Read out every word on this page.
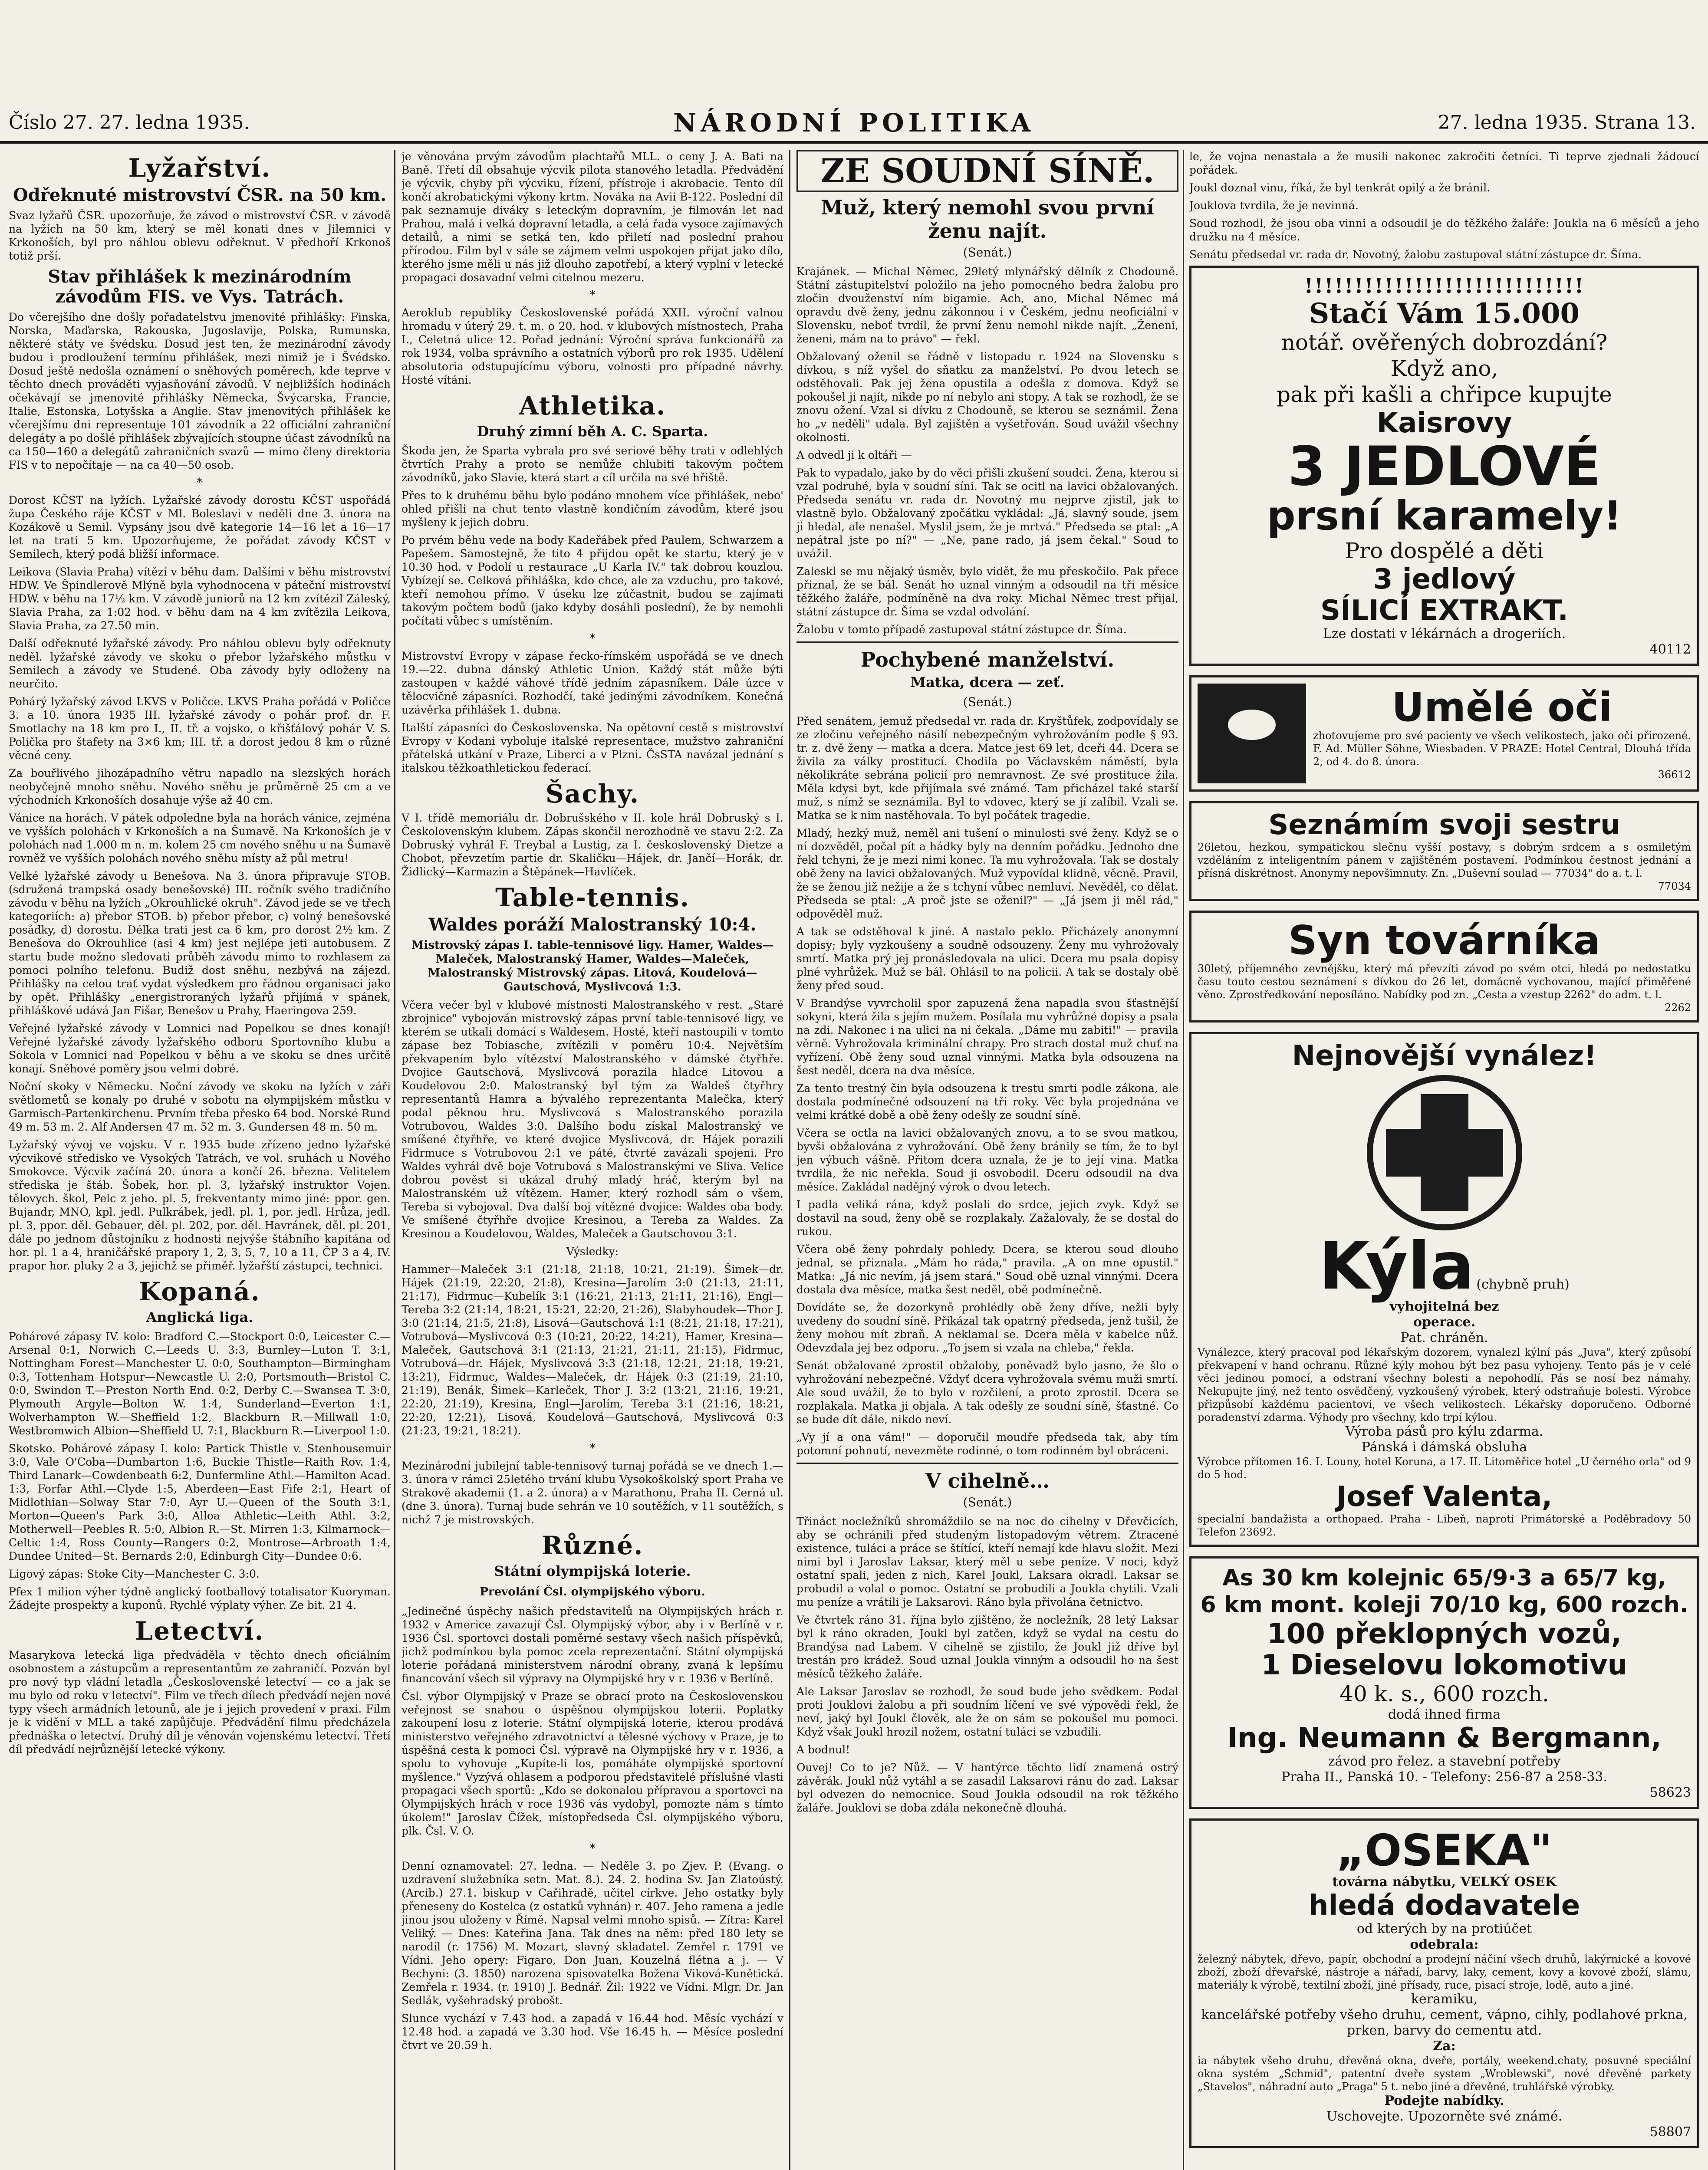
Číslo 27. 27. ledna 1935.	NÁRODNÍ POLITIKA	27. ledna 1935. Strana 13.
Lyžařství.
Odřeknuté mistrovství ČSR. na 50 km.

Svaz lyžařů ČSR. upozorňuje, že závod o mistrovství ČSR. v závodě na lyžích na 50 km, který se měl konati dnes v Jilemnici v Krkonoších, byl pro náhlou oblevu odřeknut. V předhoří Krkonoš totiž prší.

Stav přihlášek k mezinárodním závodům FIS. ve Vys. Tatrách.

Do včerejšího dne došly pořadatelstvu jmenovité přihlášky: Finska, Norska, Maďarska, Rakouska, Jugoslavije, Polska, Rumunska, některé státy ve švédsku. Dosud jest ten, že mezinárodní závody budou i prodloužení termínu přihlášek, mezi nimiž je i Švédsko. Dosud ještě nedošla oznámení o sněhových poměrech, kde teprve v těchto dnech prováděti vyjasňování závodů. V nejbližších hodinách očekávají se jmenovité přihlášky Německa, Švýcarska, Francie, Italie, Estonska, Lotyšska a Anglie. Stav jmenovitých přihlášek ke včerejšímu dni representuje 101 závodník a 22 officiální zahraniční delegáty a po došlé přihlášek zbývajících stoupne účast závodníků na ca 150—160 a delegátů zahraničních svazů — mimo členy direktoria FIS v to nepočítaje — na ca 40—50 osob.

*

Dorost KČST na lyžích. Lyžařské závody dorostu KČST uspořádá župa Českého ráje KČST v Ml. Boleslavi v neděli dne 3. února na Kozákově u Semil. Vypsány jsou dvě kategorie 14—16 let a 16—17 let na trati 5 km. Upozorňujeme, že pořádat závody KČST v Semilech, který podá bližší informace.

Leikova (Slavia Praha) vítězí v běhu dam. Dalšími v běhu mistrovství HDW. Ve Špindlerově Mlýně byla vyhodnocena v páteční mistrovství HDW. v běhu na 17½ km. V závodě juniorů na 12 km zvítězil Záleský, Slavia Praha, za 1:02 hod. v běhu dam na 4 km zvítězila Leikova, Slavia Praha, za 27.50 min.

Další odřeknuté lyžařské závody. Pro náhlou oblevu byly odřeknuty neděl. lyžařské závody ve skoku o přebor lyžařského můstku v Semilech a závody ve Studené. Oba závody byly odloženy na neurčito.

Pohárý lyžařský závod LKVS v Poličce. LKVS Praha pořádá v Poličce 3. a 10. února 1935 III. lyžařské závody o pohár prof. dr. F. Smotlachy na 18 km pro I., II. tř. a vojsko, o křišťálový pohár V. S. Polička pro štafety na 3×6 km; III. tř. a dorost jedou 8 km o různé věcné ceny.

Za bouřlivého jihozápadního větru napadlo na slezských horách neobyčejně mnoho sněhu. Nového sněhu je průměrně 25 cm a ve východních Krkonoších dosahuje výše až 40 cm.

Vánice na horách. V pátek odpoledne byla na horách vánice, zejména ve vyšších polohách v Krkonoších a na Šumavě. Na Krkonoších je v polohách nad 1.000 m n. m. kolem 25 cm nového sněhu u na Šumavě rovněž ve vyšších polohách nového sněhu místy až půl metru!

Velké lyžařské závody u Benešova. Na 3. února připravuje STOB. (sdružená trampská osady benešovské) III. ročník svého tradičního závodu v běhu na lyžích „Okrouhlické okruh". Závod jede se ve třech kategoriích: a) přebor STOB. b) přebor přebor, c) volný benešovské posádky, d) dorostu. Délka trati jest ca 6 km, pro dorost 2½ km. Z Benešova do Okrouhlice (asi 4 km) jest nejlépe jeti autobusem. Z startu bude možno sledovati průběh závodu mimo to rozhlasem za pomoci polního telefonu. Budiž dost sněhu, nezbývá na zájezd. Přihlášky na celou trať vydat výsledkem pro řádnou organisaci jako by opět. Přihlášky „energistroraných lyžařů přijímá v spánek, přihláškové udává Jan Fišar, Benešov u Prahy, Haeringova 259.

Veřejné lyžařské závody v Lomnici nad Popelkou se dnes konají! Veřejné lyžařské závody lyžařského odboru Sportovního klubu a Sokola v Lomnici nad Popelkou v běhu a ve skoku se dnes určitě konají. Sněhové poměry jsou velmi dobré.

Noční skoky v Německu. Noční závody ve skoku na lyžích v záři světlometů se konaly po druhé v sobotu na olympijském můstku v Garmisch-Partenkirchenu. Prvním třeba přesko 64 bod. Norské Rund 49 m. 53 m. 2. Alf Andersen 47 m. 52 m. 3. Gundersen 48 m. 50 m.

Lyžařský vývoj ve vojsku. V r. 1935 bude zřízeno jedno lyžařské výcvikové středisko ve Vysokých Tatrách, ve vol. sruhách u Nového Smokovce. Výcvik začíná 20. února a končí 26. března. Velitelem střediska je štáb. Šobek, hor. pl. 3, lyžařský instruktor Vojen. tělovych. škol, Pelc z jeho. pl. 5, frekventanty mimo jiné: ppor. gen. Bujandr, MNO, kpl. jedl. Pulkrábek, jedl. pl. 1, por. jedl. Hrůza, jedl. pl. 3, ppor. děl. Gebauer, děl. pl. 202, por. děl. Havránek, děl. pl. 201, dále po jednom důstojníku z hodnosti nejvýše štábního kapitána od hor. pl. 1 a 4, hraničářské prapory 1, 2, 3, 5, 7, 10 a 11, ČP 3 a 4, IV. prapor hor. pluky 2 a 3, jejichž se přiměř. lyžařští zástupci, technici.

Kopaná.
Anglická liga.

Pohárové zápasy IV. kolo: Bradford C.—Stockport 0:0, Leicester C.—Arsenal 0:1, Norwich C.—Leeds U. 3:3, Burnley—Luton T. 3:1, Nottingham Forest—Manchester U. 0:0, Southampton—Birmingham 0:3, Tottenham Hotspur—Newcastle U. 2:0, Portsmouth—Bristol C. 0:0, Swindon T.—Preston North End. 0:2, Derby C.—Swansea T. 3:0, Plymouth Argyle—Bolton W. 1:4, Sunderland—Everton 1:1, Wolverhampton W.—Sheffield 1:2, Blackburn R.—Millwall 1:0, Westbromwich Albion—Sheffield U. 7:1, Blackburn R.—Liverpool 1:0.

Skotsko. Pohárové zápasy I. kolo: Partick Thistle v. Stenhousemuir 3:0, Vale O'Coba—Dumbarton 1:6, Buckie Thistle—Raith Rov. 1:4, Third Lanark—Cowdenbeath 6:2, Dunfermline Athl.—Hamilton Acad. 1:3, Forfar Athl.—Clyde 1:5, Aberdeen—East Fife 2:1, Heart of Midlothian—Solway Star 7:0, Ayr U.—Queen of the South 3:1, Morton—Queen's Park 3:0, Alloa Athletic—Leith Athl. 3:2, Motherwell—Peebles R. 5:0, Albion R.—St. Mirren 1:3, Kilmarnock—Celtic 1:4, Ross County—Rangers 0:2, Montrose—Arbroath 1:4, Dundee United—St. Bernards 2:0, Edinburgh City—Dundee 0:6.

Ligový zápas: Stoke City—Manchester C. 3:0.

Pfex 1 milion výher týdně anglický footballový totalisator Kuoryman. Žádejte prospekty a kuponů. Rychlé výplaty výher. Ze bit. 21 4.

Letectví.

Masarykova letecká liga předváděla v těchto dnech oficiálním osobnostem a zástupcům a representantům ze zahraničí. Pozván byl pro nový typ vládní letadla „Československé letectví — co a jak se mu bylo od roku v letectví". Film ve třech dílech předvádí nejen nové typy všech armádních letounů, ale je i jejich provedení v praxi. Film je k vidění v MLL a také zapůjčuje. Předvádění filmu předcházela přednáška o letectví. Druhý díl je věnován vojenskému letectví. Třetí díl předvádí nejrůznější letecké výkony.

je věnována prvým závodům plachtařů MLL. o ceny J. A. Bati na Baně. Třetí díl obsahuje výcvik pilota stanového letadla. Předvádění je výcvik, chyby při výcviku, řízení, přístroje i akrobacie. Tento díl končí akrobatickými výkony krtm. Nováka na Avii B-122. Poslední díl pak seznamuje diváky s leteckým dopravním, je filmován let nad Prahou, malá i velká dopravní letadla, a celá řada vysoce zajímavých detailů, a nimi se setká ten, kdo přiletí nad poslední prahou přírodou. Film byl v sále se zájmem velmi uspokojen přijat jako dílo, kterého jsme měli u nás již dlouho zapotřebí, a který vyplní v letecké propagaci dosavadní velmi citelnou mezeru.

*

Aeroklub republiky Československé pořádá XXII. výroční valnou hromadu v úterý 29. t. m. o 20. hod. v klubových místnostech, Praha I., Celetná ulice 12. Pořad jednání: Výroční správa funkcionářů za rok 1934, volba správního a ostatních výborů pro rok 1935. Udělení absolutoria odstupujícímu výboru, volnosti pro případné návrhy. Hosté vítáni.

Athletika.
Druhý zimní běh A. C. Sparta.

Škoda jen, že Sparta vybrala pro své seriové běhy trati v odlehlých čtvrtích Prahy a proto se nemůže chlubiti takovým počtem závodníků, jako Slavie, která start a cíl určila na své hřiště.

Přes to k druhému běhu bylo podáno mnohem více přihlášek, nebo' ohled přišli na chut tento vlastně kondičním závodům, které jsou myšleny k jejich dobru.

Po prvém běhu vede na body Kadeřábek před Paulem, Schwarzem a Papešem. Samostejně, že tito 4 přijdou opět ke startu, který je v 10.30 hod. v Podolí u restaurace „U Karla IV." tak dobrou kouzlou. Vybízejí se. Celková přihláška, kdo chce, ale za vzduchu, pro takové, kteří nemohou přímo. V úseku lze zúčastnit, budou se zajímati takovým počtem bodů (jako kdyby dosáhli poslední), že by nemohli počítati vůbec s umístěním.

*

Mistrovství Evropy v zápase řecko-římském uspořádá se ve dnech 19.—22. dubna dánský Athletic Union. Každý stát může býti zastoupen v každé váhové třídě jedním zápasníkem. Dále úzce v tělocvičně zápasníci. Rozhodčí, také jedinými závodníkem. Konečná uzávěrka přihlášek 1. dubna.

Italští zápasníci do Československa. Na opětovní cestě s mistrovství Evropy v Kodani vyboluje italské representace, mužstvo zahraniční přátelská utkání v Praze, Liberci a v Plzni. ČsSTA navázal jednání s italskou těžkoathletickou federací.

Šachy.

V I. třídě memoriálu dr. Dobrušského v II. kole hrál Dobruský s I. Českolovenským klubem. Zápas skončil nerozhodně ve stavu 2:2. Za Dobruský vyhrál F. Treybal a Lustig, za I. československý Dietze a Chobot, převzetím partie dr. Skaličku—Hájek, dr. Jančí—Horák, dr. Židlický—Karmazin a Štěpánek—Havlíček.

Table-tennis.
Waldes poráží Malostranský 10:4.
Mistrovský zápas I. table-tennisové ligy. Hamer, Waldes—Maleček, Malostranský Hamer, Waldes—Maleček, Malostranský Mistrovský zápas. Litová, Koudelová—Gautschová, Myslivcová 1:3.

Včera večer byl v klubové místnosti Malostranského v rest. „Staré zbrojnice" vybojován mistrovský zápas první table-tennisové ligy, ve kterém se utkali domácí s Waldesem. Hosté, kteří nastoupili v tomto zápase bez Tobiasche, zvítězili v poměru 10:4. Největším překvapením bylo vítězství Malostranského v dámské čtyřhře. Dvojice Gautschová, Myslivcová porazila hladce Litovou a Koudelovou 2:0. Malostranský byl tým za Waldeš čtyřhry representantů Hamra a bývalého reprezentanta Malečka, který podal pěknou hru. Myslivcová s Malostranského porazila Votrubovou, Waldes 3:0. Dalšího bodu získal Malostranský ve smíšené čtyřhře, ve které dvojice Myslivcová, dr. Hájek porazili Fidrmuce s Votrubovou 2:1 ve páté, čtvrté zavázali spojeni. Pro Waldes vyhrál dvě boje Votrubová s Malostranskými ve Sliva. Velice dobrou pověst si ukázal druhý mladý hráč, kterým byl na Malostranském už vítězem. Hamer, který rozhodl sám o všem, Tereba si vybojoval. Dva další boj vítězné dvojice: Waldes oba body. Ve smíšené čtyřhře dvojice Kresinou, a Tereba za Waldes. Za Kresinou a Koudelovou, Waldes, Maleček a Gautschovou 3:1.

Výsledky:

Hammer—Maleček 3:1 (21:18, 21:18, 10:21, 21:19). Šimek—dr. Hájek (21:19, 22:20, 21:8), Kresina—Jarolím 3:0 (21:13, 21:11, 21:17), Fidrmuc—Kubelík 3:1 (16:21, 21:13, 21:11, 21:16), Engl—Tereba 3:2 (21:14, 18:21, 15:21, 22:20, 21:26), Slabyhoudek—Thor J. 3:0 (21:14, 21:5, 21:8), Lisová—Gautschová 1:1 (8:21, 21:18, 17:21), Votrubová—Myslivcová 0:3 (10:21, 20:22, 14:21), Hamer, Kresina—Maleček, Gautschová 3:1 (21:13, 21:21, 21:11, 21:15), Fidrmuc, Votrubová—dr. Hájek, Myslivcová 3:3 (21:18, 12:21, 21:18, 19:21, 13:21), Fidrmuc, Waldes—Maleček, dr. Hájek 0:3 (21:19, 21:10, 21:19), Benák, Šimek—Karleček, Thor J. 3:2 (13:21, 21:16, 19:21, 22:20, 21:19), Kresina, Engl—Jarolím, Tereba 3:1 (21:16, 18:21, 22:20, 12:21), Lisová, Koudelová—Gautschová, Myslivcová 0:3 (21:23, 19:21, 18:21).

*

Mezinárodní jubilejní table-tennisový turnaj pořádá se ve dnech 1.—3. února v rámci 25letého trvání klubu Vysokoškolský sport Praha ve Strakově akademii (1. a 2. února) a v Marathonu, Praha II. Cerná ul. (dne 3. února). Turnaj bude sehrán ve 10 soutěžích, v 11 soutěžích, s nichž 7 je mistrovských.

Různé.
Státní olympijská loterie.
Prevolání Čsl. olympijského výboru.

„Jedinečné úspěchy našich představitelů na Olympijských hrách r. 1932 v Americe zavazují Čsl. Olympijský výbor, aby i v Berlíně v r. 1936 Čsl. sportovci dostali poměrné sestavy všech našich příspěvků, jichž podmínkou byla pomoc zcela reprezentační. Státní olympijská loterie pořádaná ministerstvem národní obrany, zvaná k lepšímu financování všech sil výpravy na Olympijské hry v r. 1936 v Berlíně.

Čsl. výbor Olympijský v Praze se obrací proto na Československou veřejnost se snahou o úspěšnou olympijskou loterii. Poplatky zakoupení losu z loterie. Státní olympijská loterie, kterou prodává ministerstvo veřejného zdravotnictví a tělesné výchovy v Praze, je to úspěšná cesta k pomoci Čsl. výpravě na Olympijské hry v r. 1936, a spolu to vyhovuje „Kupíte-li los, pomáháte olympijské sportovní myšlence." Vyzývá ohlasem a podporou představitelé příslušné vlasti propagaci všech sportů: „Kdo se dokonalou přípravou a sportovci na Olympijských hrách v roce 1936 vás vydobyl, pomozte nám s tímto úkolem!" Jaroslav Čížek, místopředseda Čsl. olympijského výboru, plk. Čsl. V. O.

*

Denní oznamovatel: 27. ledna. — Neděle 3. po Zjev. P. (Evang. o uzdravení služebníka setn. Mat. 8.). 24. 2. hodina Sv. Jan Zlatoústý. (Arcib.) 27.1. biskup v Cařihradě, učitel církve. Jeho ostatky byly přeneseny do Kostelca (z ostatků vyhnán) r. 407. Jeho ramena a jedle jinou jsou uloženy v Římě. Napsal velmi mnoho spisů. — Zítra: Karel Veliký. — Dnes: Kateřina Jana. Tak dnes na něm: před 180 lety se narodil (r. 1756) M. Mozart, slavný skladatel. Zemřel r. 1791 ve Vídni. Jeho opery: Figaro, Don Juan, Kouzelná flétna a j. — V Bechyni: (3. 1850) narozena spisovatelka Božena Viková-Kunětická. Zemřela r. 1934. (r. 1910) J. Bednář. Žil: 1922 ve Vídni. Mlgr. Dr. Jan Sedlák, vyšehradský probošt.

Slunce vychází v 7.43 hod. a zapadá v 16.44 hod. Měsíc vychází v 12.48 hod. a zapadá ve 3.30 hod. Vše 16.45 h. — Měsíce poslední čtvrt ve 20.59 h.

ZE SOUDNÍ SÍNĚ.
Muž, který nemohl svou první ženu najít.
(Senát.)

Krajánek. — Michal Němec, 29letý mlynářský dělník z Chodouně. Státní zástupitelství položilo na jeho pomocného bedra žalobu pro zločin dvouženství ním bigamie. Ach, ano, Michal Němec má opravdu dvě ženy, jednu zákonnou i v Českém, jednu neoficiální v Slovensku, neboť tvrdil, že první ženu nemohl nikde najít. „Ženeni, ženeni, mám na to právo" — řekl.

Obžalovaný oženil se řádně v listopadu r. 1924 na Slovensku s dívkou, s níž vyšel do sňatku za manželství. Po dvou letech se odstěhovali. Pak jej žena opustila a odešla z domova. Když se pokoušel ji najít, nikde po ní nebylo ani stopy. A tak se rozhodl, že se znovu ožení. Vzal si dívku z Chodouně, se kterou se seznámil. Žena ho „v neděli" udala. Byl zajištěn a vyšetřován. Soud uvážil všechny okolnosti.

A odvedl ji k oltáři —

Pak to vypadalo, jako by do věci přišli zkušení soudci. Žena, kterou si vzal podruhé, byla v soudní síni. Tak se ocitl na lavici obžalovaných. Předseda senátu vr. rada dr. Novotný mu nejprve zjistil, jak to vlastně bylo. Obžalovaný zpočátku vykládal: „Já, slavný soude, jsem ji hledal, ale nenašel. Myslil jsem, že je mrtvá." Předseda se ptal: „A nepátral jste po ní?" — „Ne, pane rado, já jsem čekal." Soud to uvážil.

Zaleskl se mu nějaký úsměv, bylo vidět, že mu přeskočilo. Pak přece přiznal, že se bál. Senát ho uznal vinným a odsoudil na tři měsíce těžkého žaláře, podmíněně na dva roky. Michal Němec trest přijal, státní zástupce dr. Šíma se vzdal odvolání.

Žalobu v tomto případě zastupoval státní zástupce dr. Šíma.

Pochybené manželství.
Matka, dcera — zeť.
(Senát.)

Před senátem, jemuž předsedal vr. rada dr. Kryštůfek, zodpovídaly se ze zločinu veřejného násilí nebezpečným vyhrožováním podle § 93. tr. z. dvě ženy — matka a dcera. Matce jest 69 let, dceři 44. Dcera se živila za války prostitucí. Chodila po Václavském náměstí, byla několikráte sebrána policií pro nemravnost. Ze své prostituce žila. Měla kdysi byt, kde přijímala své známé. Tam přicházel také starší muž, s nímž se seznámila. Byl to vdovec, který se jí zalíbil. Vzali se. Matka se k nim nastěhovala. To byl počátek tragedie.

Mladý, hezký muž, neměl ani tušení o minulosti své ženy. Když se o ní dozvěděl, počal pít a hádky byly na denním pořádku. Jednoho dne řekl tchyni, že je mezi nimi konec. Ta mu vyhrožovala. Tak se dostaly obě ženy na lavici obžalovaných. Muž vypovídal klidně, věcně. Pravil, že se ženou již nežije a že s tchyní vůbec nemluví. Nevěděl, co dělat. Předseda se ptal: „A proč jste se oženil?" — „Já jsem ji měl rád," odpověděl muž.

A tak se odstěhoval k jiné. A nastalo peklo. Přicházely anonymní dopisy; byly vyzkoušeny a soudně odsouzeny. Ženy mu vyhrožovaly smrtí. Matka prý jej pronásledovala na ulici. Dcera mu psala dopisy plné vyhrůžek. Muž se bál. Ohlásil to na policii. A tak se dostaly obě ženy před soud.

V Brandýse vyvrcholil spor zapuzená žena napadla svou šťastnější sokyni, která žila s jejím mužem. Posílala mu vyhrůžné dopisy a psala na zdi. Nakonec i na ulici na ni čekala. „Dáme mu zabiti!" — pravila věrně. Vyhrožovala kriminální chrapy. Pro strach dostal muž chuť na vyřízení. Obě ženy soud uznal vinnými. Matka byla odsouzena na šest neděl, dcera na dva měsíce.

Za tento trestný čin byla odsouzena k trestu smrti podle zákona, ale dostala podmínečné odsouzení na tři roky. Věc byla projednána ve velmi krátké době a obě ženy odešly ze soudní síně.

Včera se octla na lavici obžalovaných znovu, a to se svou matkou, byvši obžalována z vyhrožování. Obě ženy bránily se tím, že to byl jen výbuch vášně. Přitom dcera uznala, že je to její vina. Matka tvrdila, že nic neřekla. Soud ji osvobodil. Dceru odsoudil na dva měsíce. Zakládal nadějný výrok o dvou letech.

I padla veliká rána, když poslali do srdce, jejich zvyk. Když se dostavil na soud, ženy obě se rozplakaly. Zažalovaly, že se dostal do rukou.

Včera obě ženy pohrdaly pohledy. Dcera, se kterou soud dlouho jednal, se přiznala. „Mám ho ráda," pravila. „A on mne opustil." Matka: „Já nic nevím, já jsem stará." Soud obě uznal vinnými. Dcera dostala dva měsíce, matka šest neděl, obě podmínečně.

Dovídáte se, že dozorkyně prohlédly obě ženy dříve, nežli byly uvedeny do soudní síně. Přikázal tak opatrný předseda, jenž tušil, že ženy mohou mít zbraň. A neklamal se. Dcera měla v kabelce nůž. Odevzdala jej bez odporu. „To jsem si vzala na chleba," řekla.

Senát obžalované zprostil obžaloby, poněvadž bylo jasno, že šlo o vyhrožování nebezpečné. Vždyť dcera vyhrožovala svému muži smrtí. Ale soud uvážil, že to bylo v rozčilení, a proto zprostil. Dcera se rozplakala. Matka ji objala. A tak odešly ze soudní síně, šťastné. Co se bude dít dále, nikdo neví.

„Vy jí a ona vám!" — doporučil moudře předseda tak, aby tím potomní pohnutí, nevezměte rodinné, o tom rodinném byl obráceni.

V cihelně…
(Senát.)

Třináct nocležníků shromáždilo se na noc do cihelny v Dřevčicích, aby se ochránili před studeným listopadovým větrem. Ztracené existence, tuláci a práce se štítící, kteří nemají kde hlavu složit. Mezi nimi byl i Jaroslav Laksar, který měl u sebe peníze. V noci, když ostatní spali, jeden z nich, Karel Joukl, Laksara okradl. Laksar se probudil a volal o pomoc. Ostatní se probudili a Joukla chytili. Vzali mu peníze a vrátili je Laksarovi. Ráno byla přivolána četnictvo.

Ve čtvrtek ráno 31. října bylo zjištěno, že nocležník, 28 letý Laksar byl k ráno okraden, Joukl byl zatčen, když se vydal na cestu do Brandýsa nad Labem. V cihelně se zjistilo, že Joukl již dříve byl trestán pro krádež. Soud uznal Joukla vinným a odsoudil ho na šest měsíců těžkého žaláře.

Ale Laksar Jaroslav se rozhodl, že soud bude jeho svědkem. Podal proti Jouklovi žalobu a při soudním líčení ve své výpovědi řekl, že neví, jaký byl Joukl člověk, ale že on sám se pokoušel mu pomoci. Když však Joukl hrozil nožem, ostatní tuláci se vzbudili.

A bodnul!

Ouvej! Co to je? Nůž. — V hantýrce těchto lidí znamená ostrý závěrák. Joukl nůž vytáhl a se zasadil Laksarovi ránu do zad. Laksar byl odvezen do nemocnice. Soud Joukla odsoudil na rok těžkého žaláře. Jouklovi se doba zdála nekonečně dlouhá.

le, že vojna nenastala a že musili nakonec zakročiti četníci. Ti teprve zjednali žádoucí pořádek.

Joukl doznal vinu, říká, že byl tenkrát opilý a že bránil.

Jouklova tvrdila, že je nevinná.

Soud rozhodl, že jsou oba vinni a odsoudil je do těžkého žaláře: Joukla na 6 měsíců a jeho družku na 4 měsíce.

Senátu předsedal vr. rada dr. Novotný, žalobu zastupoval státní zástupce dr. Šíma.

!!!!!!!!!!!!!!!!!!!!!!!!!!!!
Stačí Vám 15.000
notář. ověřených dobrozdání?
Když ano,
pak při kašli a chřipce kupujte
Kaisrovy
3 JEDLOVÉ
prsní karamely!
Pro dospělé a děti
3 jedlový
SÍLICÍ EXTRAKT.
Lze dostati v lékárnách a drogeriích.
40112
Umělé oči
zhotovujeme pro své pacienty ve všech velikostech, jako oči přirozené. F. Ad. Müller Söhne, Wiesbaden. V PRAZE: Hotel Central, Dlouhá třída 2, od 4. do 8. února.
36612
Seznámím svoji sestru
26letou, hezkou, sympatickou slečnu vyšší postavy, s dobrým srdcem a s osmiletým vzděláním z inteligentním pánem v zajištěném postavení. Podmínkou čestnost jednání a přísná diskrétnost. Anonymy nepovšimnuty. Zn. „Duševní soulad — 77034" do a. t. l.
77034
Syn továrníka
30letý, příjemného zevnějšku, který má převzíti závod po svém otci, hledá po nedostatku času touto cestou seznámení s dívkou do 26 let, domácně vychovanou, mající přiměřené věno. Zprostředkování neposíláno. Nabídky pod zn. „Cesta a vzestup 2262" do adm. t. l.
2262
Nejnovější vynález!
Kýla (chybně pruh)
vyhojitelná bez
operace.
Pat. chráněn.
Vynálezce, který pracoval pod lékařským dozorem, vynalezl kýlní pás „Juva", který způsobí překvapení v hand ochranu. Různé kýly mohou být bez pasu vyhojeny. Tento pás je v celé věci jedinou pomocí, a odstraní všechny bolesti a nepohodlí. Pás se nosí bez námahy. Nekupujte jiný, než tento osvědčený, vyzkoušený výrobek, který odstraňuje bolesti. Výrobce přizpůsobí každému pacientovi, ve všech velikostech. Lékařsky doporučeno. Odborné poradenství zdarma. Výhody pro všechny, kdo trpí kýlou.
Výroba pásů pro kýlu zdarma.
Pánská i dámská obsluha
Výrobce přítomen 16. I. Louny, hotel Koruna, a 17. II. Litoměřice hotel „U černého orla" od 9 do 5 hod.
Josef Valenta,
specialní bandažista a orthopaed. Praha - Libeň, naproti Primátorské a Poděbradovy 50 Telefon 23692.
As 30 km kolejnic 65/9·3 a 65/7 kg,
6 km mont. koleji 70/10 kg, 600 rozch.
100 překlopných vozů,
1 Dieselovu lokomotivu
40 k. s., 600 rozch.
dodá ihned firma
Ing. Neumann & Bergmann,
závod pro řelez. a stavební potřeby
Praha II., Panská 10. - Telefony: 256-87 a 258-33.
58623
„OSEKA"
továrna nábytku, VELKÝ OSEK
hledá dodavatele
od kterých by na protiúčet
odebrala:
železný nábytek, dřevo, papír, obchodní a prodejní náčiní všech druhů, lakýrnické a kovové zboží, zboží dřevařské, nástroje a nářadí, barvy, laky, cement, kovy a kovové zboží, slámu, materiály k výrobě, textilní zboží, jiné přísady, ruce, pisací stroje, lodě, auto a jiné.
keramiku,
kancelářské potřeby všeho druhu, cement, vápno, cihly, podlahové prkna,
prken, barvy do cementu atd.
Za:
ia nábytek všeho druhu, dřevěná okna, dveře, portály, weekend.chaty, posuvné speciální okna systém „Schmid", patentní dveře system „Wroblewski", nové dřevěné parkety „Stavelos", náhradní auto „Praga" 5 t. nebo jiné a dřevěné, truhlářské výrobky.
Podejte nabídky.
Uschovejte. Upozorněte své známé.
58807
